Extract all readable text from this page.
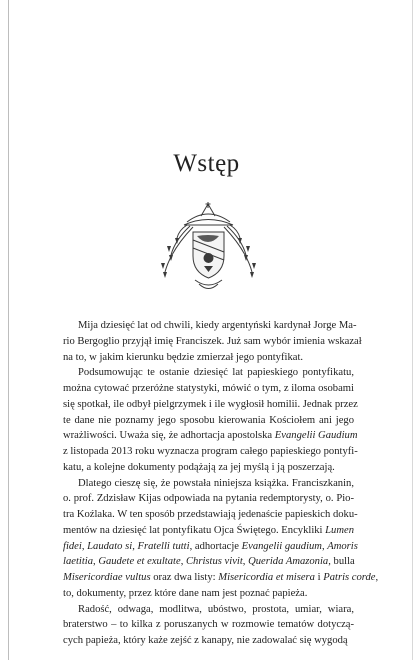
Wstęp
Mija dziesięć lat od chwili, kiedy argentyński kardynał Jorge Ma-
rio Bergoglio przyjął imię Franciszek. Już sam wybór imienia wskazał
na to, w jakim kierunku będzie zmierzał jego pontyfikat.
Podsumowując te ostanie dziesięć lat papieskiego pontyfikatu,
można cytować przeróżne statystyki, mówić o tym, z iloma osobami
się spotkał, ile odbył pielgrzymek i ile wygłosił homilii. Jednak przez
te dane nie poznamy jego sposobu kierowania Kościołem ani jego
wrażliwości. Uważa się, że adhortacja apostolska Evangelii Gaudium
z listopada 2013 roku wyznacza program całego papieskiego pontyfi-
katu, a kolejne dokumenty podążają za jej myślą i ją poszerzają.
Dlatego cieszę się, że powstała niniejsza książka. Franciszkanin,
o. prof. Zdzisław Kijas odpowiada na pytania redemptorysty, o. Pio-
tra Koźlaka. W ten sposób przedstawiają jedenaście papieskich doku-
mentów na dziesięć lat pontyfikatu Ojca Świętego. Encykliki Lumen
fidei, Laudato si, Fratelli tutti, adhortacje Evangelii gaudium, Amoris
laetitia, Gaudete et exultate, Christus vivit, Querida Amazonia, bulla
Misericordiae vultus oraz dwa listy: Misericordia et misera i Patris corde,
to, dokumenty, przez które dane nam jest poznać papieża.
Radość, odwaga, modlitwa, ubóstwo, prostota, umiar, wiara,
braterstwo – to kilka z poruszanych w rozmowie tematów dotyczą-
cych papieża, który każe zejść z kanapy, nie zadowalać się wygodą
